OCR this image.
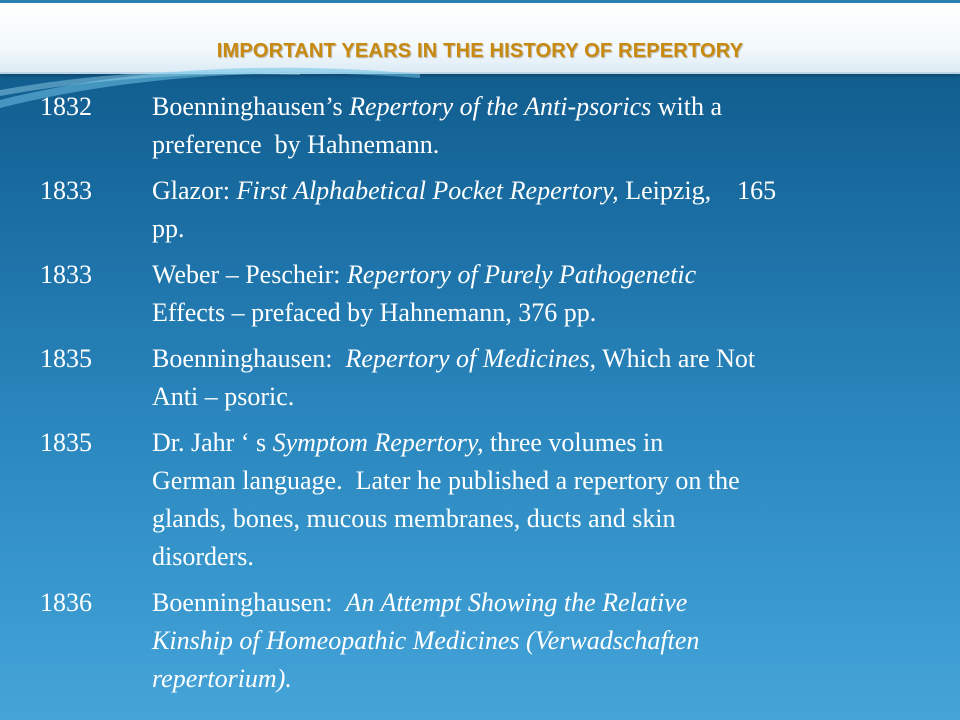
IMPORTANT YEARS IN THE HISTORY OF REPERTORY
1832	Boenninghausen’s Repertory of the Anti-psorics with a
preference  by Hahnemann.
1833	Glazor: First Alphabetical Pocket Repertory, Leipzig,    165
pp.
1833	Weber – Pescheir: Repertory of Purely Pathogenetic
Effects – prefaced by Hahnemann, 376 pp.
1835	Boenninghausen:  Repertory of Medicines, Which are Not
Anti – psoric.
1835	Dr. Jahr ‘ s Symptom Repertory, three volumes in
German language.  Later he published a repertory on the
glands, bones, mucous membranes, ducts and skin
disorders.
1836	Boenninghausen:  An Attempt Showing the Relative
Kinship of Homeopathic Medicines (Verwadschaften
repertorium).
